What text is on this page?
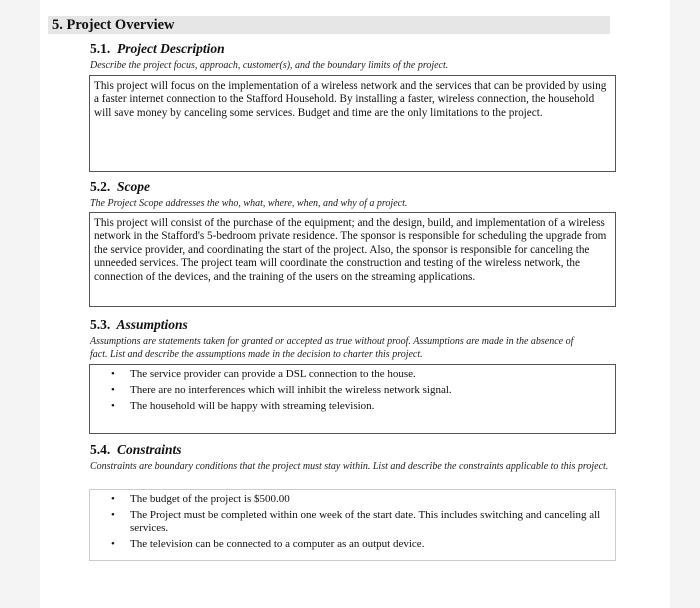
5. Project Overview
5.1. Project Description
Describe the project focus, approach, customer(s), and the boundary limits of the project.

This project will focus on the implementation of a wireless network and the services that can be provided by using a faster internet connection to the Stafford Household. By installing a faster, wireless connection, the household will save money by canceling some services. Budget and time are the only limitations to the project.

5.2. Scope
The Project Scope addresses the who, what, where, when, and why of a project.

This project will consist of the purchase of the equipment; and the design, build, and implementation of a wireless network in the Stafford's 5-bedroom private residence. The sponsor is responsible for scheduling the upgrade from the service provider, and coordinating the start of the project. Also, the sponsor is responsible for canceling the unneeded services. The project team will coordinate the construction and testing of the wireless network, the connection of the devices, and the training of the users on the streaming applications.

5.3. Assumptions
Assumptions are statements taken for granted or accepted as true without proof. Assumptions are made in the absence of fact. List and describe the assumptions made in the decision to charter this project.
• The service provider can provide a DSL connection to the house.
• There are no interferences which will inhibit the wireless network signal.
• The household will be happy with streaming television.
5.4. Constraints
Constraints are boundary conditions that the project must stay within. List and describe the constraints applicable to this project.
• The budget of the project is $500.00
• The Project must be completed within one week of the start date. This includes switching and canceling all services.
• The television can be connected to a computer as an output device.
